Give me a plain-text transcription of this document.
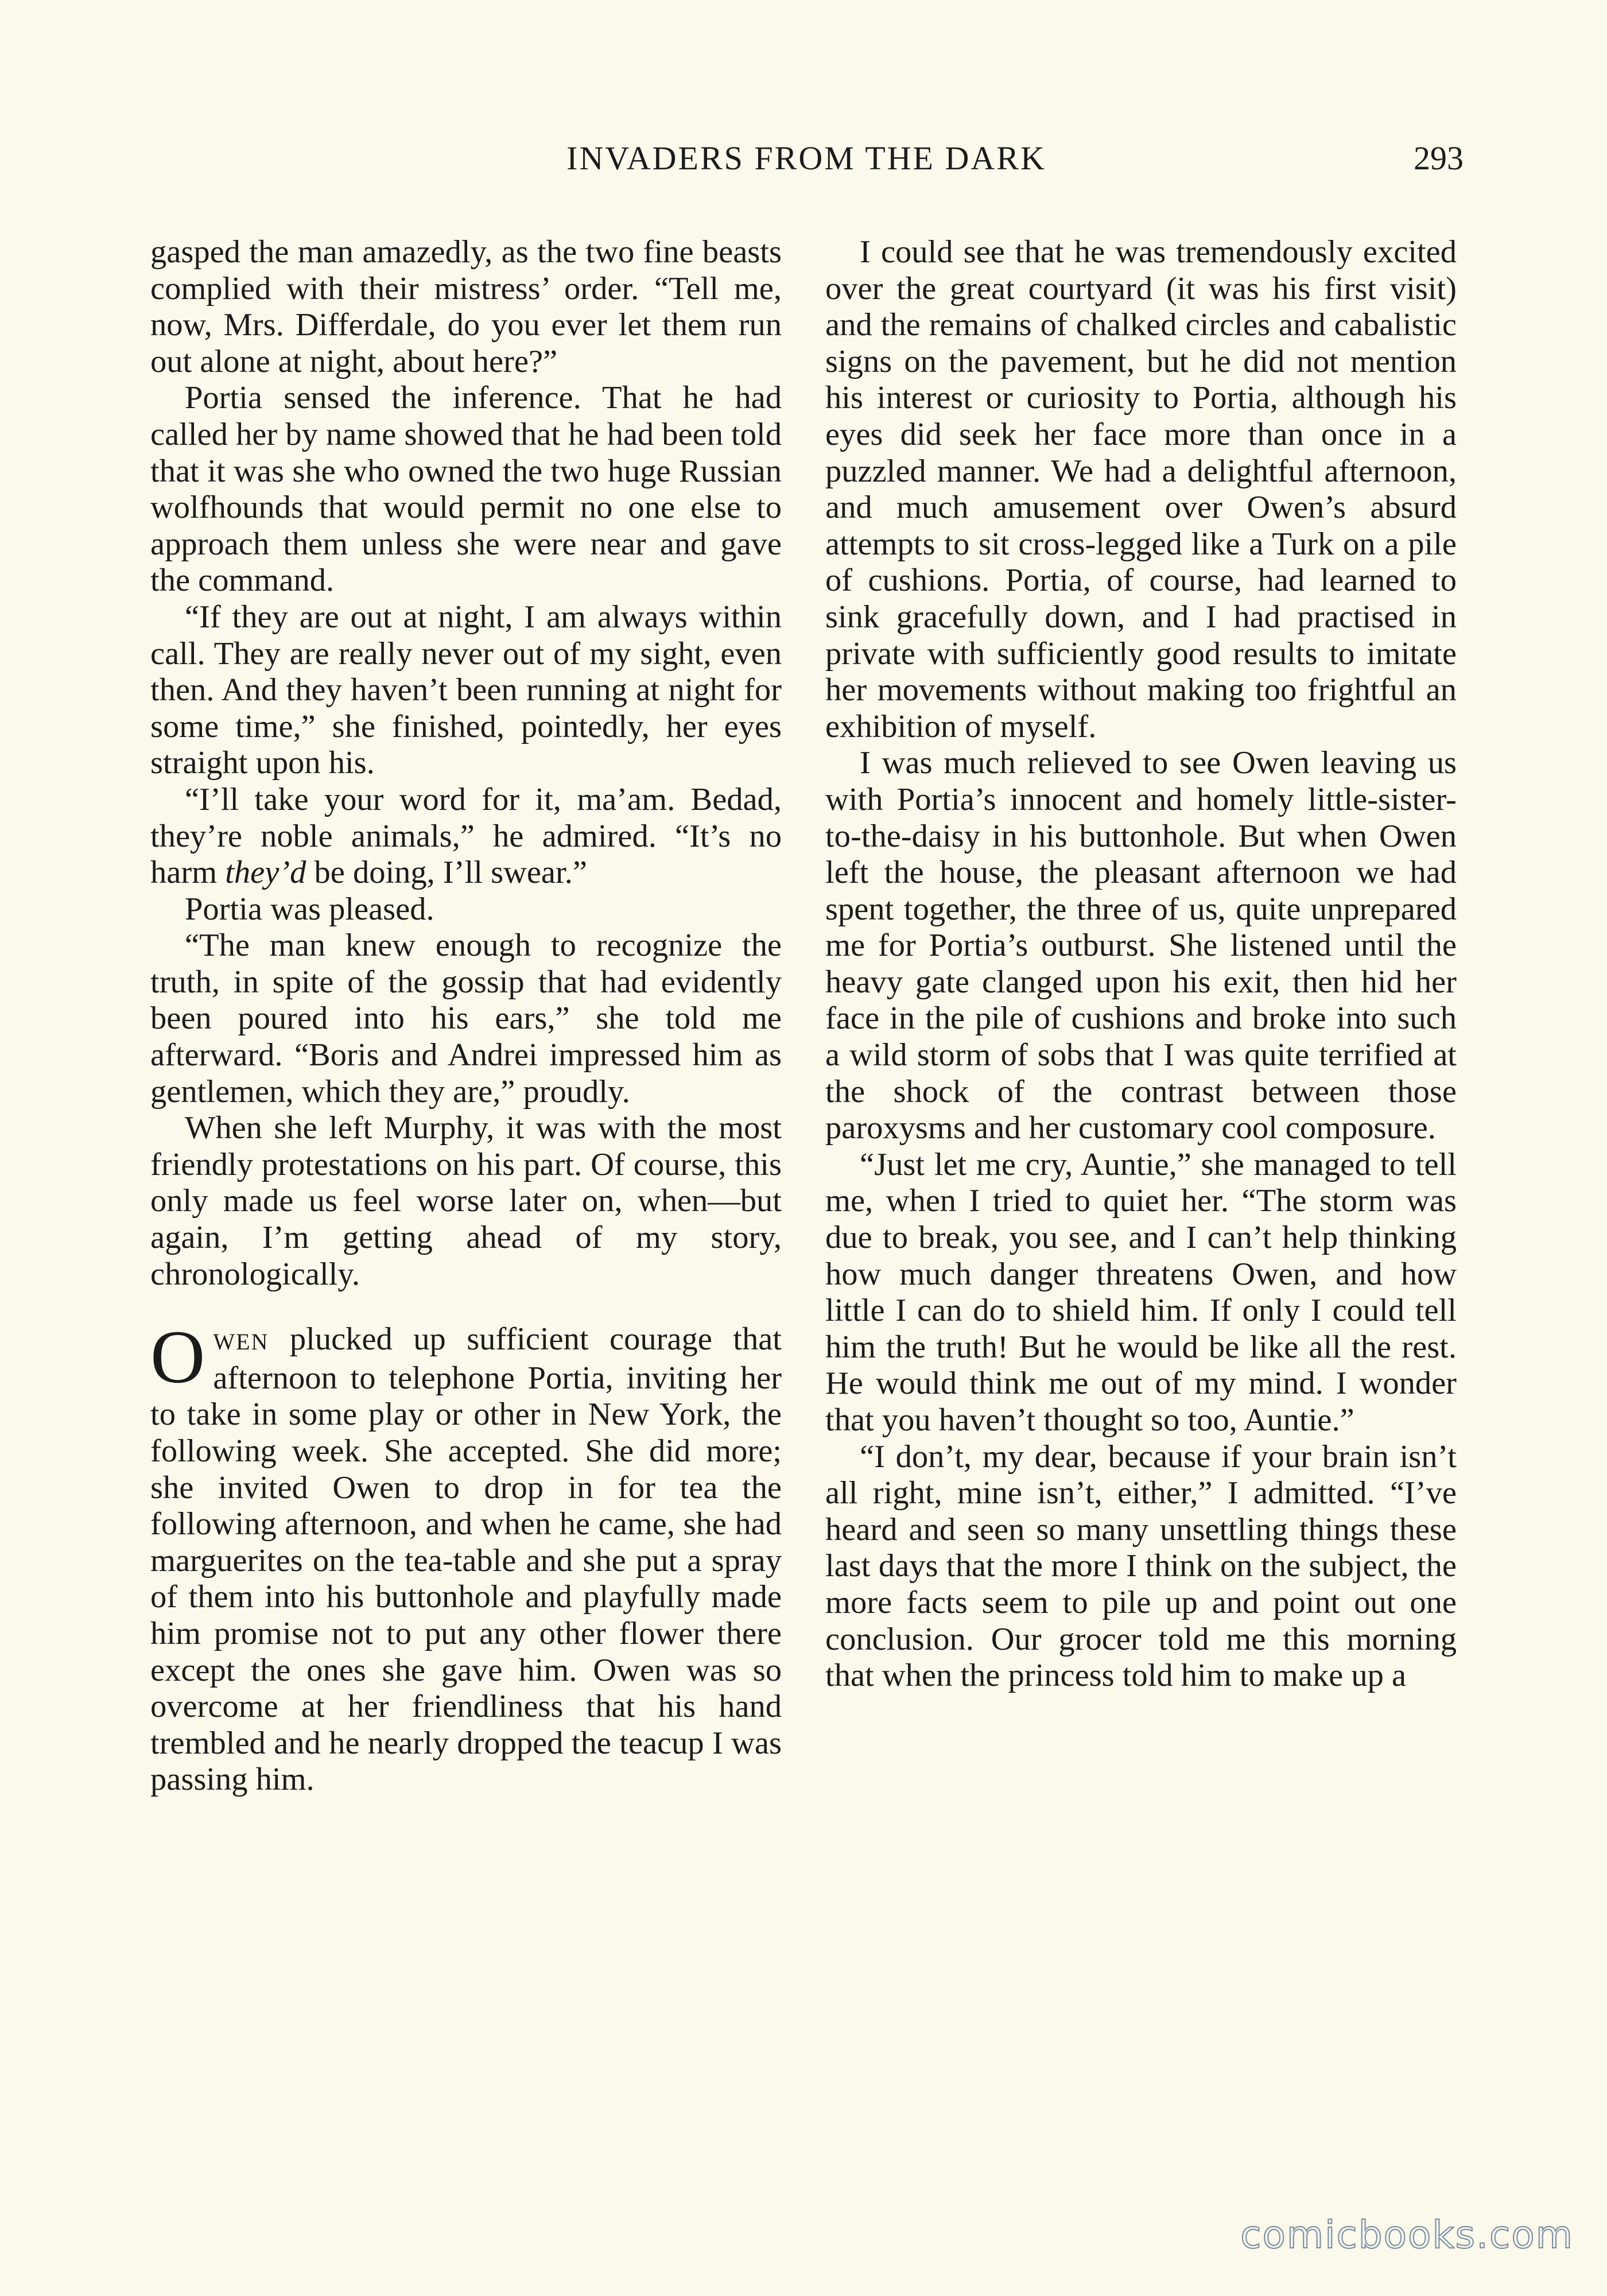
INVADERS FROM THE DARK	293

gasped the man amazedly, as the two fine beasts complied with their mistress’ order. “Tell me, now, Mrs. Differdale, do you ever let them run out alone at night, about here?”

Portia sensed the inference. That he had called her by name showed that he had been told that it was she who owned the two huge Russian wolfhounds that would permit no one else to approach them unless she were near and gave the command.

“If they are out at night, I am always within call. They are really never out of my sight, even then. And they haven’t been running at night for some time,” she finished, pointedly, her eyes straight upon his.

“I’ll take your word for it, ma’am. Bedad, they’re noble animals,” he admired. “It’s no harm they’d be doing, I’ll swear.”

Portia was pleased.

“The man knew enough to recognize the truth, in spite of the gossip that had evidently been poured into his ears,” she told me afterward. “Boris and Andrei impressed him as gentlemen, which they are,” proudly.

When she left Murphy, it was with the most friendly protestations on his part. Of course, this only made us feel worse later on, when—but again, I’m getting ahead of my story, chronologically.

OWEN plucked up sufficient courage that afternoon to telephone Portia, inviting her to take in some play or other in New York, the following week. She accepted. She did more; she invited Owen to drop in for tea the following afternoon, and when he came, she had marguerites on the tea-table and she put a spray of them into his buttonhole and playfully made him promise not to put any other flower there except the ones she gave him. Owen was so overcome at her friendliness that his hand trembled and he nearly dropped the teacup I was passing him.

I could see that he was tremendously excited over the great courtyard (it was his first visit) and the remains of chalked circles and cabalistic signs on the pavement, but he did not mention his interest or curiosity to Portia, although his eyes did seek her face more than once in a puzzled manner. We had a delightful afternoon, and much amusement over Owen’s absurd attempts to sit cross-legged like a Turk on a pile of cushions. Portia, of course, had learned to sink gracefully down, and I had practised in private with sufficiently good results to imitate her movements without making too frightful an exhibition of myself.

I was much relieved to see Owen leaving us with Portia’s innocent and homely little-sister-to-the-daisy in his buttonhole. But when Owen left the house, the pleasant afternoon we had spent together, the three of us, quite unprepared me for Portia’s outburst. She listened until the heavy gate clanged upon his exit, then hid her face in the pile of cushions and broke into such a wild storm of sobs that I was quite terrified at the shock of the contrast between those paroxysms and her customary cool composure.

“Just let me cry, Auntie,” she managed to tell me, when I tried to quiet her. “The storm was due to break, you see, and I can’t help thinking how much danger threatens Owen, and how little I can do to shield him. If only I could tell him the truth! But he would be like all the rest. He would think me out of my mind. I wonder that you haven’t thought so too, Auntie.”

“I don’t, my dear, because if your brain isn’t all right, mine isn’t, either,” I admitted. “I’ve heard and seen so many unsettling things these last days that the more I think on the subject, the more facts seem to pile up and point out one conclusion. Our grocer told me this morning that when the princess told him to make up a

comicbooks.com
